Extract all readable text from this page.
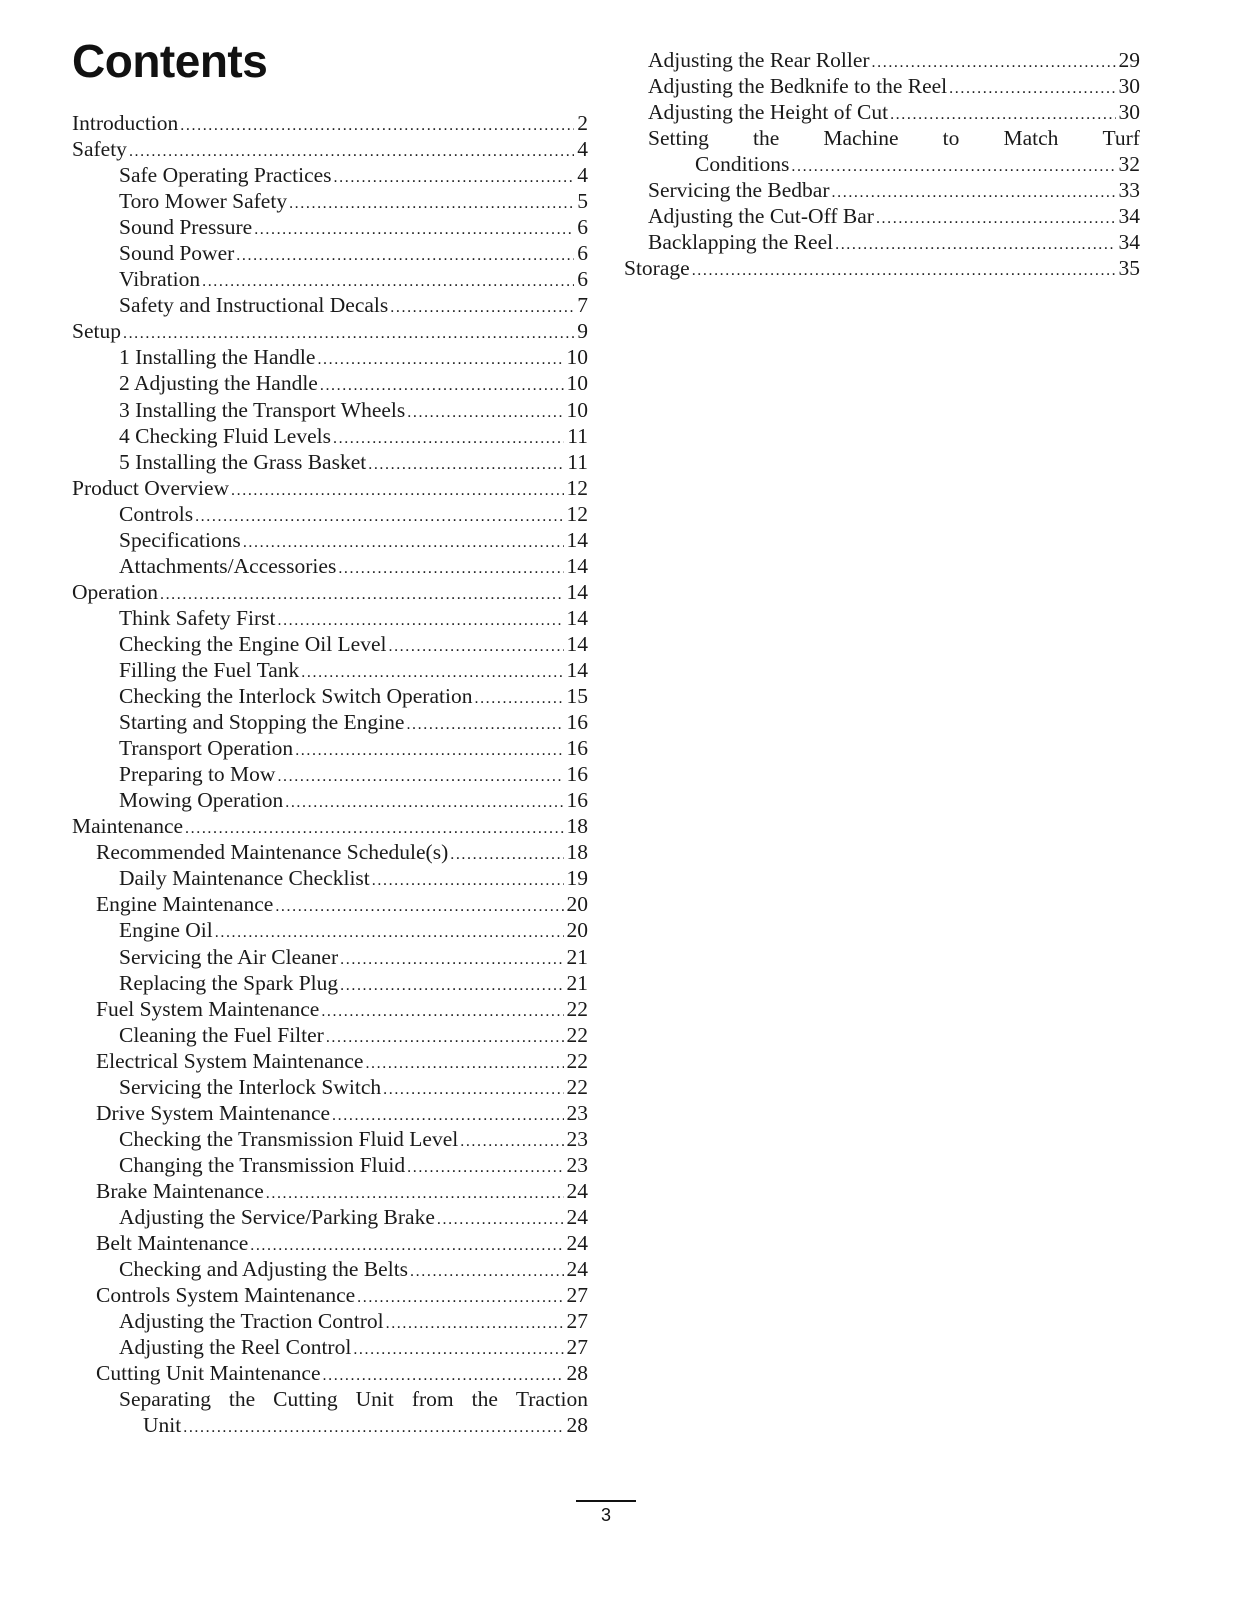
Contents
Introduction .....	2
Safety .....	4
Safe Operating Practices .....	4
Toro Mower Safety .....	5
Sound Pressure .....	6
Sound Power .....	6
Vibration .....	6
Safety and Instructional Decals .....	7
Setup .....	9
1 Installing the Handle .....	10
2 Adjusting the Handle .....	10
3 Installing the Transport Wheels .....	10
4 Checking Fluid Levels .....	11
5 Installing the Grass Basket .....	11
Product Overview .....	12
Controls .....	12
Specifications .....	14
Attachments/Accessories .....	14
Operation .....	14
Think Safety First .....	14
Checking the Engine Oil Level .....	14
Filling the Fuel Tank .....	14
Checking the Interlock Switch Operation .....	15
Starting and Stopping the Engine .....	16
Transport Operation .....	16
Preparing to Mow .....	16
Mowing Operation .....	16
Maintenance .....	18
Recommended Maintenance Schedule(s) .....	18
Daily Maintenance Checklist .....	19
Engine Maintenance .....	20
Engine Oil .....	20
Servicing the Air Cleaner .....	21
Replacing the Spark Plug .....	21
Fuel System Maintenance .....	22
Cleaning the Fuel Filter .....	22
Electrical System Maintenance .....	22
Servicing the Interlock Switch .....	22
Drive System Maintenance .....	23
Checking the Transmission Fluid Level .....	23
Changing the Transmission Fluid .....	23
Brake Maintenance .....	24
Adjusting the Service/Parking Brake .....	24
Belt Maintenance .....	24
Checking and Adjusting the Belts .....	24
Controls System Maintenance .....	27
Adjusting the Traction Control .....	27
Adjusting the Reel Control .....	27
Cutting Unit Maintenance .....	28
Separating the Cutting Unit from the Traction
Unit .....	28
Adjusting the Rear Roller .....	29
Adjusting the Bedknife to the Reel .....	30
Adjusting the Height of Cut .....	30
Setting the Machine to Match Turf
Conditions .....	32
Servicing the Bedbar .....	33
Adjusting the Cut-Off Bar .....	34
Backlapping the Reel .....	34
Storage .....	35
3
